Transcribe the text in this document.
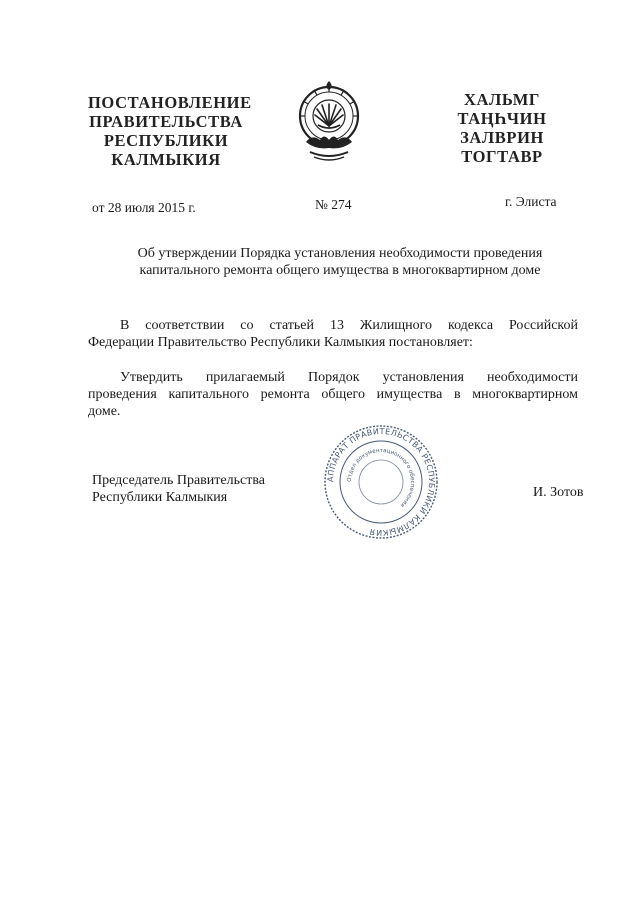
ПОСТАНОВЛЕНИЕ
ПРАВИТЕЛЬСТВА
РЕСПУБЛИКИ
КАЛМЫКИЯ
ХАЛЬМГ
ТАҢҺЧИН
ЗАЛВРИН
ТОГТАВР
от 28 июля 2015 г.	№ 274	г. Элиста
Об утверждении Порядка установления необходимости проведения
капитального ремонта общего имущества в многоквартирном доме
В соответствии со статьей 13 Жилищного кодекса Российской
Федерации Правительство Республики Калмыкия постановляет:
Утвердить прилагаемый Порядок установления необходимости
проведения капитального ремонта общего имущества в многоквартирном
доме.
Председатель Правительства
Республики Калмыкия	И. Зотов
АППАРАТ ПРАВИТЕЛЬСТВА РЕСПУБЛИКИ КАЛМЫКИЯ
Отдел документационного обеспечения
